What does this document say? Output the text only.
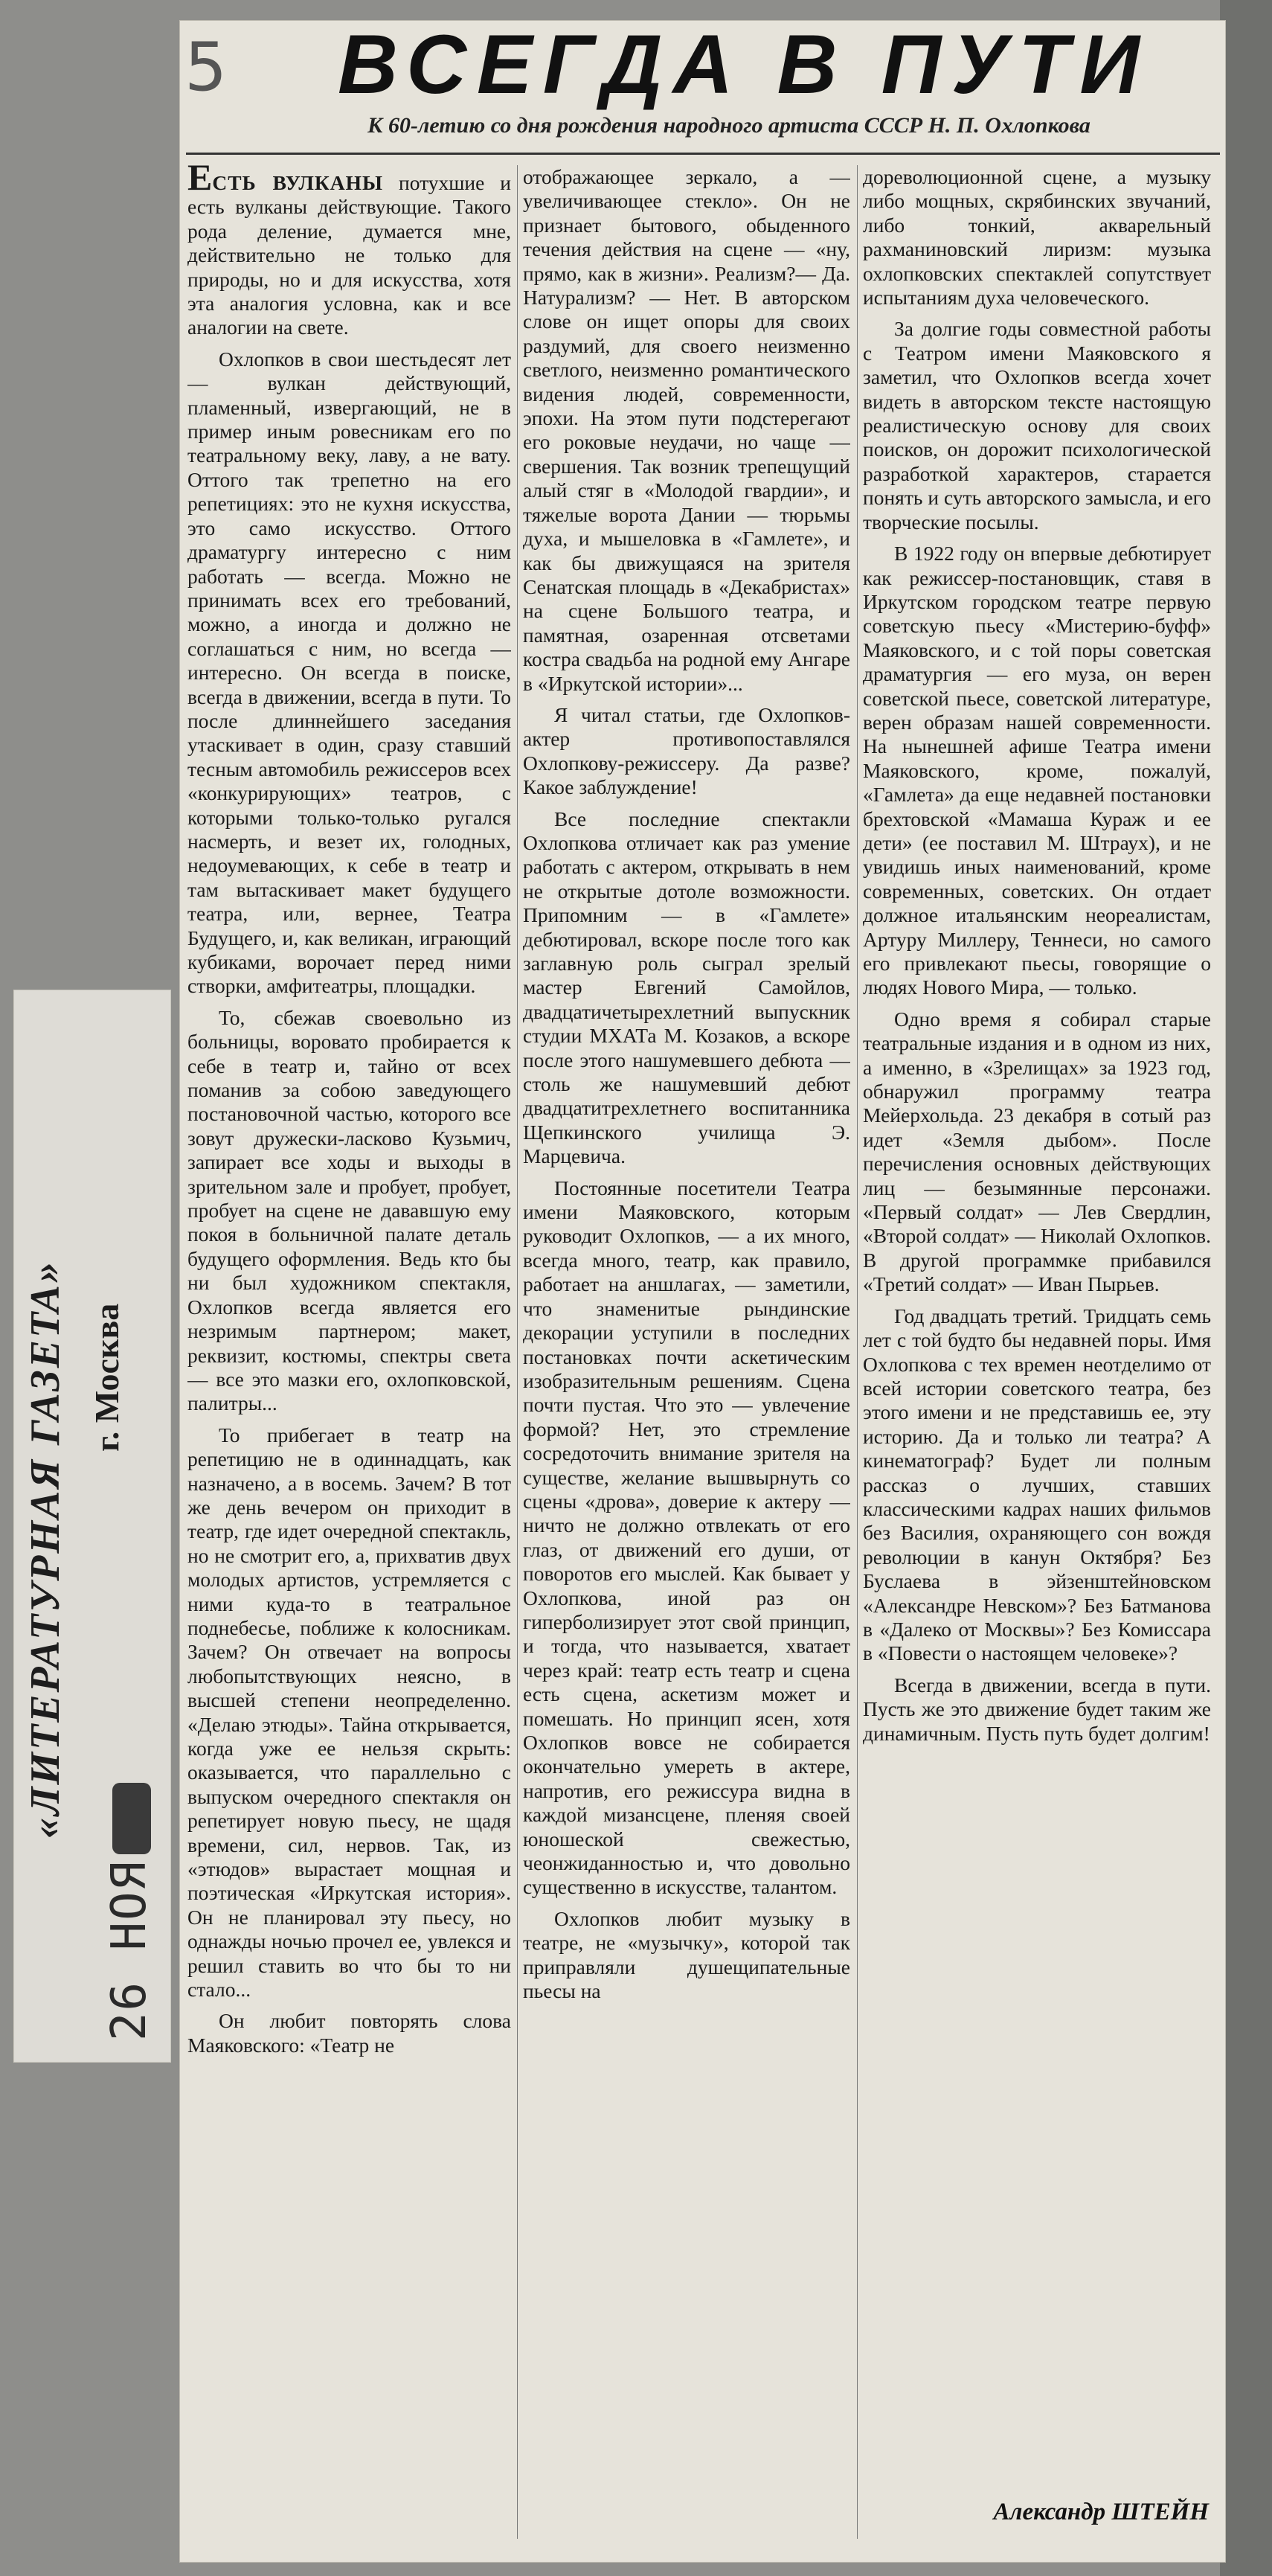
«ЛИТЕРАТУРНАЯ ГАЗЕТА» г. Москва
26 НОЯ
5	ВСЕГДА В ПУТИ
К 60-летию со дня рождения народного артиста СССР Н. П. Охлопкова

ЕСТЬ ВУЛКАНЫ потухшие и есть вулканы действующие. Такого рода деление, думается мне, действительно не только для природы, но и для искусства, хотя эта аналогия условна, как и все аналогии на свете.

Охлопков в свои шестьдесят лет — вулкан действующий, пламенный, извергающий, не в пример иным ровесникам его по театральному веку, лаву, а не вату. Оттого так трепетно на его репетициях: это не кухня искусства, это само искусство. Оттого драматургу интересно с ним работать — всегда. Можно не принимать всех его требований, можно, а иногда и должно не соглашаться с ним, но всегда — интересно. Он всегда в поиске, всегда в движении, всегда в пути. То после длиннейшего заседания утаскивает в один, сразу ставший тесным автомобиль режиссеров всех «конкурирующих» театров, с которыми только-только ругался насмерть, и везет их, голодных, недоумевающих, к себе в театр и там вытаскивает макет будущего театра, или, вернее, Театра Будущего, и, как великан, играющий кубиками, ворочает перед ними створки, амфитеатры, площадки.

То, сбежав своевольно из больницы, воровато пробирается к себе в театр и, тайно от всех поманив за собою заведующего постановочной частью, которого все зовут дружески-ласково Кузьмич, запирает все ходы и выходы в зрительном зале и пробует, пробует, пробует на сцене не дававшую ему покоя в больничной палате деталь будущего оформления. Ведь кто бы ни был художником спектакля, Охлопков всегда является его незримым партнером; макет, реквизит, костюмы, спектры света — все это мазки его, охлопковской, палитры...

То прибегает в театр на репетицию не в одиннадцать, как назначено, а в восемь. Зачем? В тот же день вечером он приходит в театр, где идет очередной спектакль, но не смотрит его, а, прихватив двух молодых артистов, устремляется с ними куда-то в театральное поднебесье, поближе к колосникам. Зачем? Он отвечает на вопросы любопытствующих неясно, в высшей степени неопределенно. «Делаю этюды». Тайна открывается, когда уже ее нельзя скрыть: оказывается, что параллельно с выпуском очередного спектакля он репетирует новую пьесу, не щадя времени, сил, нервов. Так, из «этюдов» вырастает мощная и поэтическая «Иркутская история». Он не планировал эту пьесу, но однажды ночью прочел ее, увлекся и решил ставить во что бы то ни стало...

Он любит повторять слова Маяковского: «Театр не

отображающее зеркало, а — увеличивающее стекло». Он не признает бытового, обыденного течения действия на сцене — «ну, прямо, как в жизни». Реализм?— Да. Натурализм? — Нет. В авторском слове он ищет опоры для своих раздумий, для своего неизменно светлого, неизменно романтического видения людей, современности, эпохи. На этом пути подстерегают его роковые неудачи, но чаще — свершения. Так возник трепещущий алый стяг в «Молодой гвардии», и тяжелые ворота Дании — тюрьмы духа, и мышеловка в «Гамлете», и как бы движущаяся на зрителя Сенатская площадь в «Декабристах» на сцене Большого театра, и памятная, озаренная отсветами костра свадьба на родной ему Ангаре в «Иркутской истории»...

Я читал статьи, где Охлопков-актер противопоставлялся Охлопкову-режиссеру. Да разве? Какое заблуждение!

Все последние спектакли Охлопкова отличает как раз умение работать с актером, открывать в нем не открытые дотоле возможности. Припомним — в «Гамлете» дебютировал, вскоре после того как заглавную роль сыграл зрелый мастер Евгений Самойлов, двадцатичетырехлетний выпускник студии МХАТа М. Козаков, а вскоре после этого нашумевшего дебюта — столь же нашумевший дебют двадцатитрехлетнего воспитанника Щепкинского училища Э. Марцевича.

Постоянные посетители Театра имени Маяковского, которым руководит Охлопков, — а их много, всегда много, театр, как правило, работает на аншлагах, — заметили, что знаменитые рындинские декорации уступили в последних постановках почти аскетическим изобразительным решениям. Сцена почти пустая. Что это — увлечение формой? Нет, это стремление сосредоточить внимание зрителя на существе, желание вышвырнуть со сцены «дрова», доверие к актеру — ничто не должно отвлекать от его глаз, от движений его души, от поворотов его мыслей. Как бывает у Охлопкова, иной раз он гиперболизирует этот свой принцип, и тогда, что называется, хватает через край: театр есть театр и сцена есть сцена, аскетизм может и помешать. Но принцип ясен, хотя Охлопков вовсе не собирается окончательно умереть в актере, напротив, его режиссура видна в каждой мизансцене, пленяя своей юношеской свежестью, чеонжиданностью и, что довольно существенно в искусстве, талантом.

Охлопков любит музыку в театре, не «музычку», которой так приправляли душещипательные пьесы на

дореволюционной сцене, а музыку либо мощных, скрябинских звучаний, либо тонкий, акварельный рахманиновский лиризм: музыка охлопковских спектаклей сопутствует испытаниям духа человеческого.

За долгие годы совместной работы с Театром имени Маяковского я заметил, что Охлопков всегда хочет видеть в авторском тексте настоящую реалистическую основу для своих поисков, он дорожит психологической разработкой характеров, старается понять и суть авторского замысла, и его творческие посылы.

В 1922 году он впервые дебютирует как режиссер-постановщик, ставя в Иркутском городском театре первую советскую пьесу «Мистерию-буфф» Маяковского, и с той поры советская драматургия — его муза, он верен советской пьесе, советской литературе, верен образам нашей современности. На нынешней афише Театра имени Маяковского, кроме, пожалуй, «Гамлета» да еще недавней постановки брехтовской «Мамаша Кураж и ее дети» (ее поставил М. Штраух), и не увидишь иных наименований, кроме современных, советских. Он отдает должное итальянским неореалистам, Артуру Миллеру, Теннеси, но самого его привлекают пьесы, говорящие о людях Нового Мира, — только.

Одно время я собирал старые театральные издания и в одном из них, а именно, в «Зрелищах» за 1923 год, обнаружил программу театра Мейерхольда. 23 декабря в сотый раз идет «Земля дыбом». После перечисления основных действующих лиц — безымянные персонажи. «Первый солдат» — Лев Свердлин, «Второй солдат» — Николай Охлопков. В другой программке прибавился «Третий солдат» — Иван Пырьев.

Год двадцать третий. Тридцать семь лет с той будто бы недавней поры. Имя Охлопкова с тех времен неотделимо от всей истории советского театра, без этого имени и не представишь ее, эту историю. Да и только ли театра? А кинематограф? Будет ли полным рассказ о лучших, ставших классическими кадрах наших фильмов без Василия, охраняющего сон вождя революции в канун Октября? Без Буслаева в эйзенштейновском «Александре Невском»? Без Батманова в «Далеко от Москвы»? Без Комиссара в «Повести о настоящем человеке»?

Всегда в движении, всегда в пути. Пусть же это движение будет таким же динамичным. Пусть путь будет долгим!

Александр ШТЕЙН
